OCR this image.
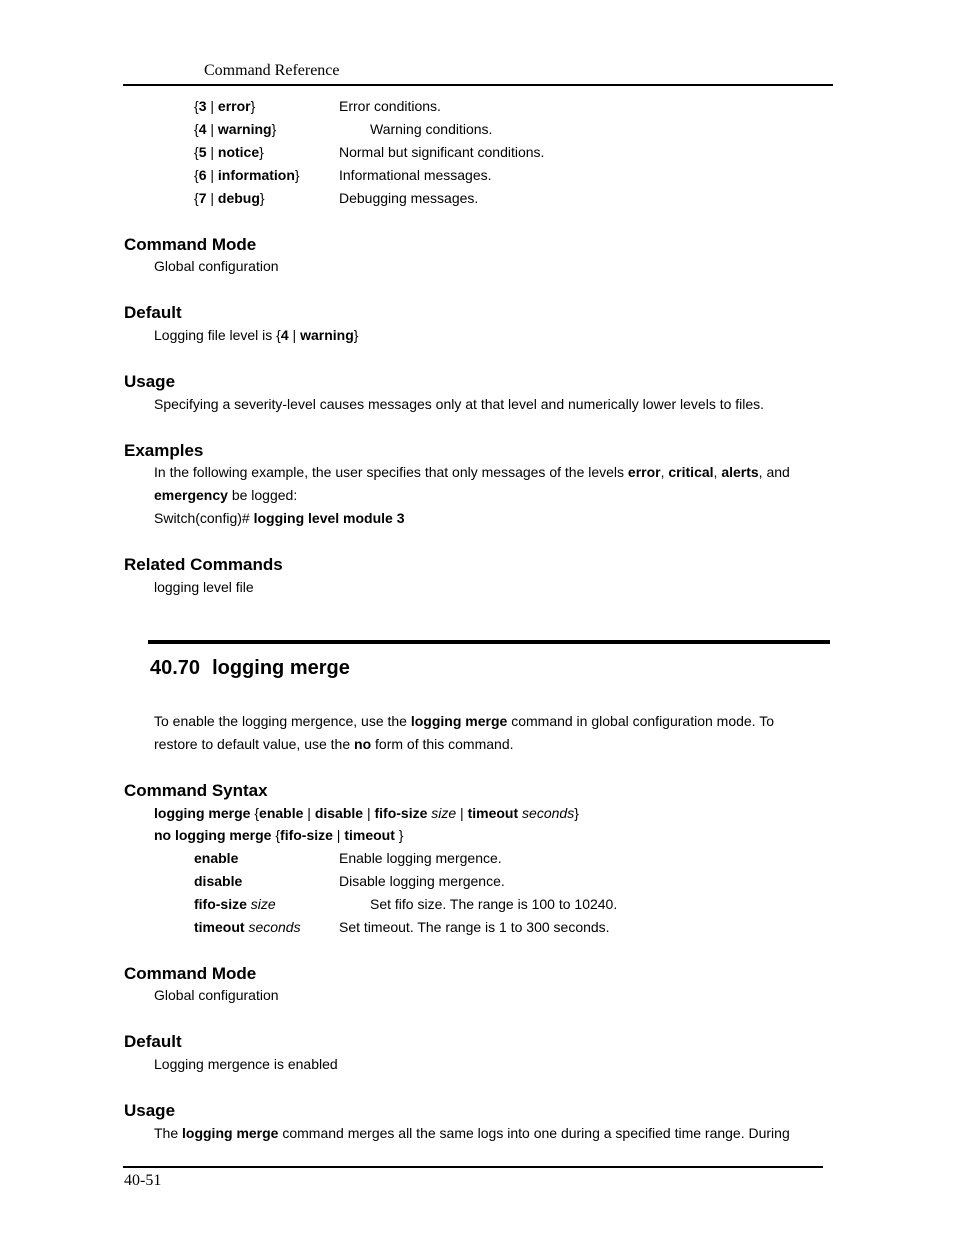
Command Reference
{3 | error}	Error conditions.
{4 | warning}	Warning conditions.
{5 | notice}	Normal but significant conditions.
{6 | information}	Informational messages.
{7 | debug}	Debugging messages.
Command Mode
Global configuration
Default
Logging file level is {4 | warning}
Usage
Specifying a severity-level causes messages only at that level and numerically lower levels to files.
Examples
In the following example, the user specifies that only messages of the levels error, critical, alerts, and
emergency be logged:
Switch(config)# logging level module 3
Related Commands
logging level file
40.70 logging merge
To enable the logging mergence, use the logging merge command in global configuration mode. To
restore to default value, use the no form of this command.
Command Syntax
logging merge {enable | disable | fifo-size size | timeout seconds}
no logging merge {fifo-size | timeout }
enable	Enable logging mergence.
disable	Disable logging mergence.
fifo-size size	Set fifo size. The range is 100 to 10240.
timeout seconds	Set timeout. The range is 1 to 300 seconds.
Command Mode
Global configuration
Default
Logging mergence is enabled
Usage
The logging merge command merges all the same logs into one during a specified time range. During
40-51
